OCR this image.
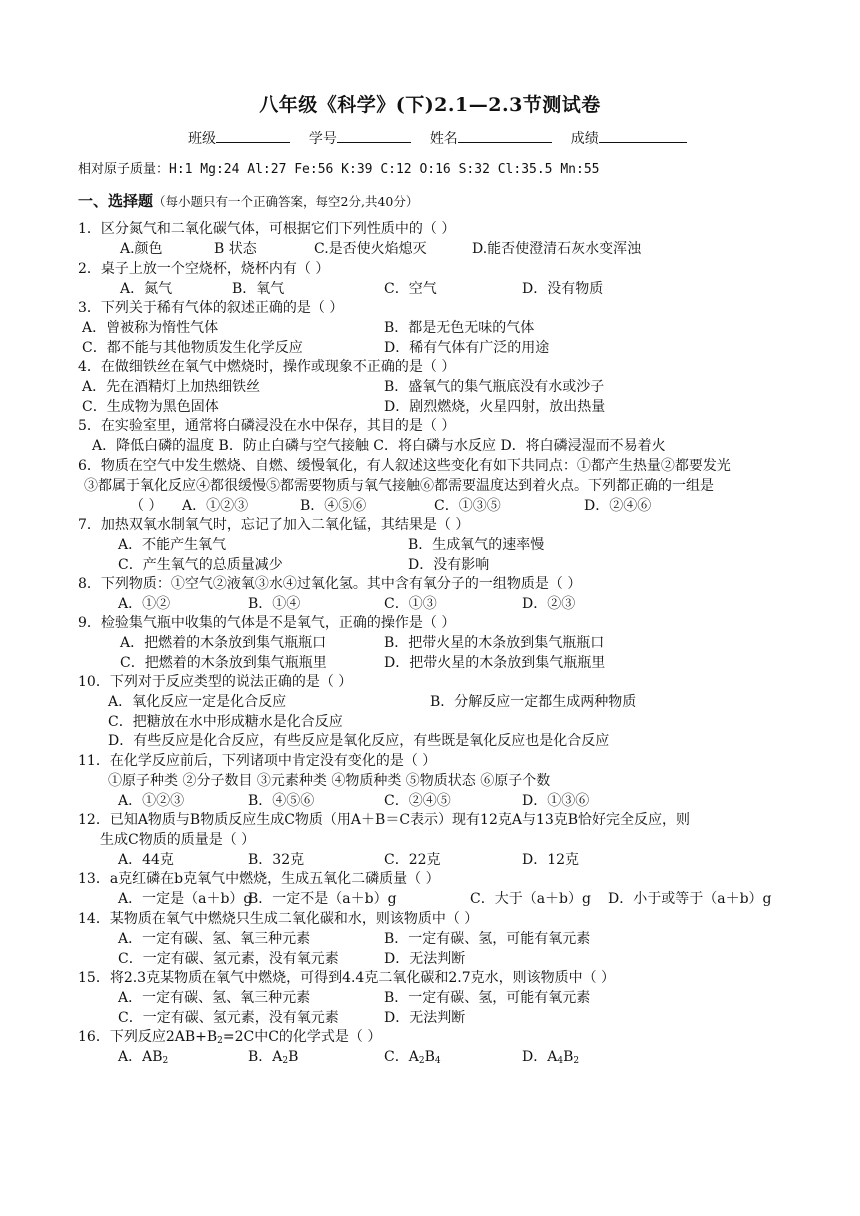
八年级《科学》(下)2.1—2.3节测试卷
班级	学号	姓名	成绩
相对原子质量：H:1 Mg:24 Al:27 Fe:56 K:39 C:12 O:16 S:32 Cl:35.5 Mn:55
一、选择题（每小题只有一个正确答案，每空2分,共40分）
1．区分氮气和二氧化碳气体，可根据它们下列性质中的（ ）
A.颜色	B 状态	C.是否使火焰熄灭	D.能否使澄清石灰水变浑浊
2．桌子上放一个空烧杯，烧杯内有（ ）
A．氮气	B．氧气	C．空气	D．没有物质
3．下列关于稀有气体的叙述正确的是（ ）
A．曾被称为惰性气体	B．都是无色无味的气体
C．都不能与其他物质发生化学反应	D．稀有气体有广泛的用途
4．在做细铁丝在氧气中燃烧时，操作或现象不正确的是（ ）
A．先在酒精灯上加热细铁丝	B．盛氧气的集气瓶底没有水或沙子
C．生成物为黑色固体	D．剧烈燃烧，火星四射，放出热量
5．在实验室里，通常将白磷浸没在水中保存，其目的是（ ）
A．降低白磷的温度 B．防止白磷与空气接触 C．将白磷与水反应 D．将白磷浸湿而不易着火
6．物质在空气中发生燃烧、自燃、缓慢氧化，有人叙述这些变化有如下共同点：①都产生热量②都要发光
③都属于氧化反应④都很缓慢⑤都需要物质与氧气接触⑥都需要温度达到着火点。下列都正确的一组是
（ ） A．①②③	B．④⑤⑥	C．①③⑤	D．②④⑥
7．加热双氧水制氧气时，忘记了加入二氧化锰，其结果是（ ）
A．不能产生氧气	B．生成氧气的速率慢
C．产生氧气的总质量减少	D．没有影响
8．下列物质：①空气②液氧③水④过氧化氢。其中含有氧分子的一组物质是（ ）
A．①②	B．①④	C．①③	D．②③
9．检验集气瓶中收集的气体是不是氧气，正确的操作是（ ）
A．把燃着的木条放到集气瓶瓶口	B．把带火星的木条放到集气瓶瓶口
C．把燃着的木条放到集气瓶瓶里	D．把带火星的木条放到集气瓶瓶里
10．下列对于反应类型的说法正确的是（ ）
A．氧化反应一定是化合反应	B．分解反应一定都生成两种物质
C．把糖放在水中形成糖水是化合反应
D．有些反应是化合反应，有些反应是氧化反应，有些既是氧化反应也是化合反应
11．在化学反应前后，下列诸项中肯定没有变化的是（ ）
①原子种类 ②分子数目 ③元素种类 ④物质种类 ⑤物质状态 ⑥原子个数
A．①②③	B．④⑤⑥	C．②④⑤	D．①③⑥
12．已知A物质与B物质反应生成C物质（用A＋B＝C表示）现有12克A与13克B恰好完全反应，则
生成C物质的质量是（ ）
A．44克	B．32克	C．22克	D．12克
13．a克红磷在b克氧气中燃烧，生成五氧化二磷质量（ ）
A．一定是（a＋b）g
B．一定不是（a＋b）g	C．大于（a＋b）g D．小于或等于（a＋b）g
14．某物质在氧气中燃烧只生成二氧化碳和水，则该物质中（ ）
A．一定有碳、氢、氧三种元素	B．一定有碳、氢，可能有氧元素
C．一定有碳、氢元素，没有氧元素	D．无法判断
15．将2.3克某物质在氧气中燃烧，可得到4.4克二氧化碳和2.7克水，则该物质中（ ）
A．一定有碳、氢、氧三种元素	B．一定有碳、氢，可能有氧元素
C．一定有碳、氢元素，没有氧元素	D．无法判断
16．下列反应$2AB+B_2=2C$中C的化学式是（ ）
A．$AB_2$	B．$A_2B$	C．$A_2B_4$	D．$A_4B_2$
